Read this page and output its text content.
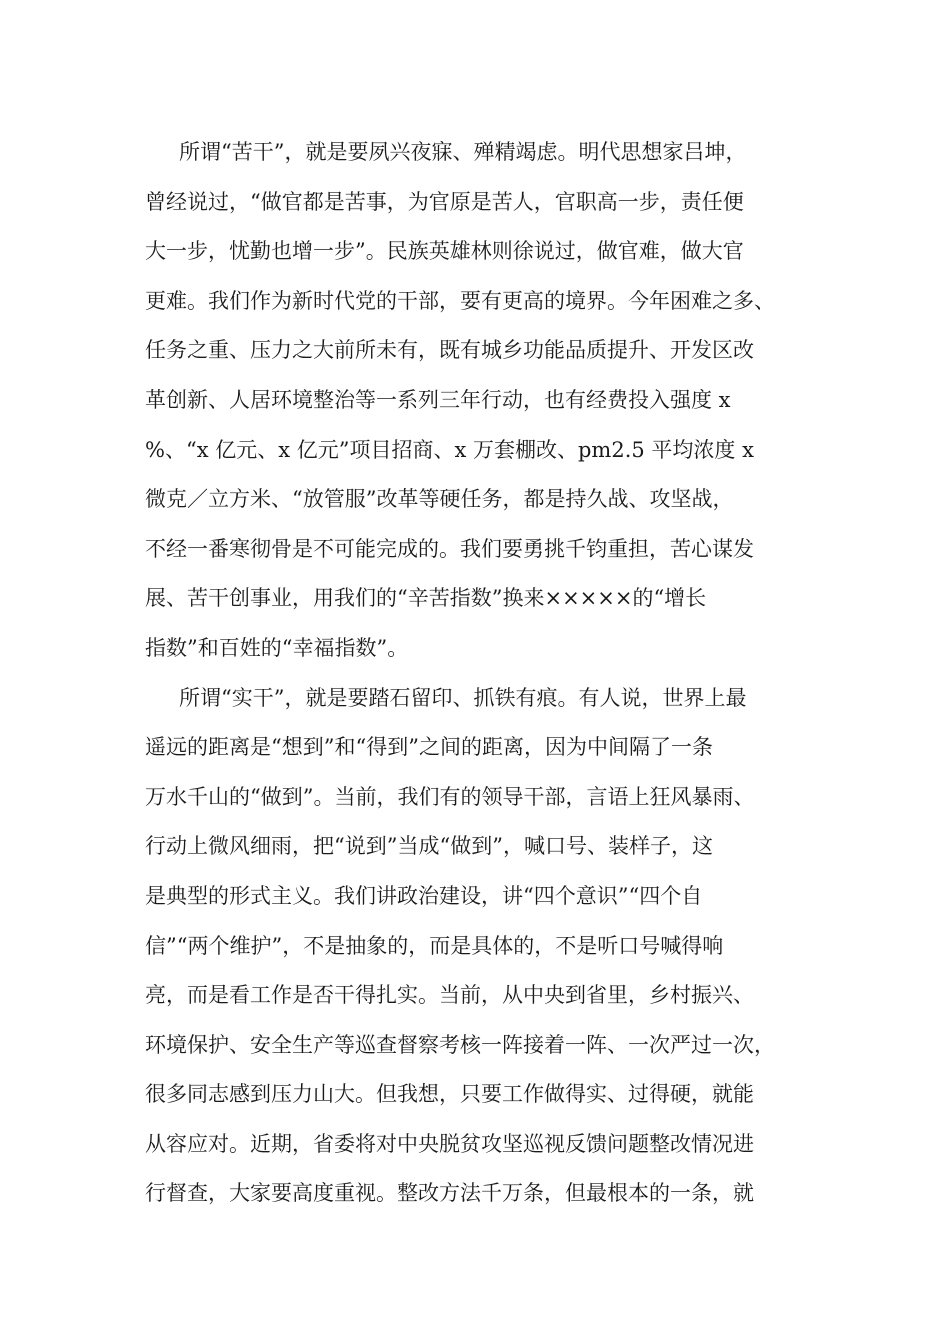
所谓“苦干”，就是要夙兴夜寐、殚精竭虑。明代思想家吕坤，
曾经说过，“做官都是苦事，为官原是苦人，官职高一步，责任便
大一步，忧勤也增一步”。民族英雄林则徐说过，做官难，做大官
更难。我们作为新时代党的干部，要有更高的境界。今年困难之多、
任务之重、压力之大前所未有，既有城乡功能品质提升、开发区改
革创新、人居环境整治等一系列三年行动，也有经费投入强度 x
%、“x 亿元、x 亿元”项目招商、x 万套棚改、pm2.5 平均浓度 x
微克／立方米、“放管服”改革等硬任务，都是持久战、攻坚战，
不经一番寒彻骨是不可能完成的。我们要勇挑千钧重担，苦心谋发
展、苦干创事业，用我们的“辛苦指数”换来×××××的“增长
指数”和百姓的“幸福指数”。
所谓“实干”，就是要踏石留印、抓铁有痕。有人说，世界上最
遥远的距离是“想到”和“得到”之间的距离，因为中间隔了一条
万水千山的“做到”。当前，我们有的领导干部，言语上狂风暴雨、
行动上微风细雨，把“说到”当成“做到”，喊口号、装样子，这
是典型的形式主义。我们讲政治建设，讲“四个意识”“四个自
信”“两个维护”，不是抽象的，而是具体的，不是听口号喊得响
亮，而是看工作是否干得扎实。当前，从中央到省里，乡村振兴、
环境保护、安全生产等巡查督察考核一阵接着一阵、一次严过一次，
很多同志感到压力山大。但我想，只要工作做得实、过得硬，就能
从容应对。近期，省委将对中央脱贫攻坚巡视反馈问题整改情况进
行督查，大家要高度重视。整改方法千万条，但最根本的一条，就
